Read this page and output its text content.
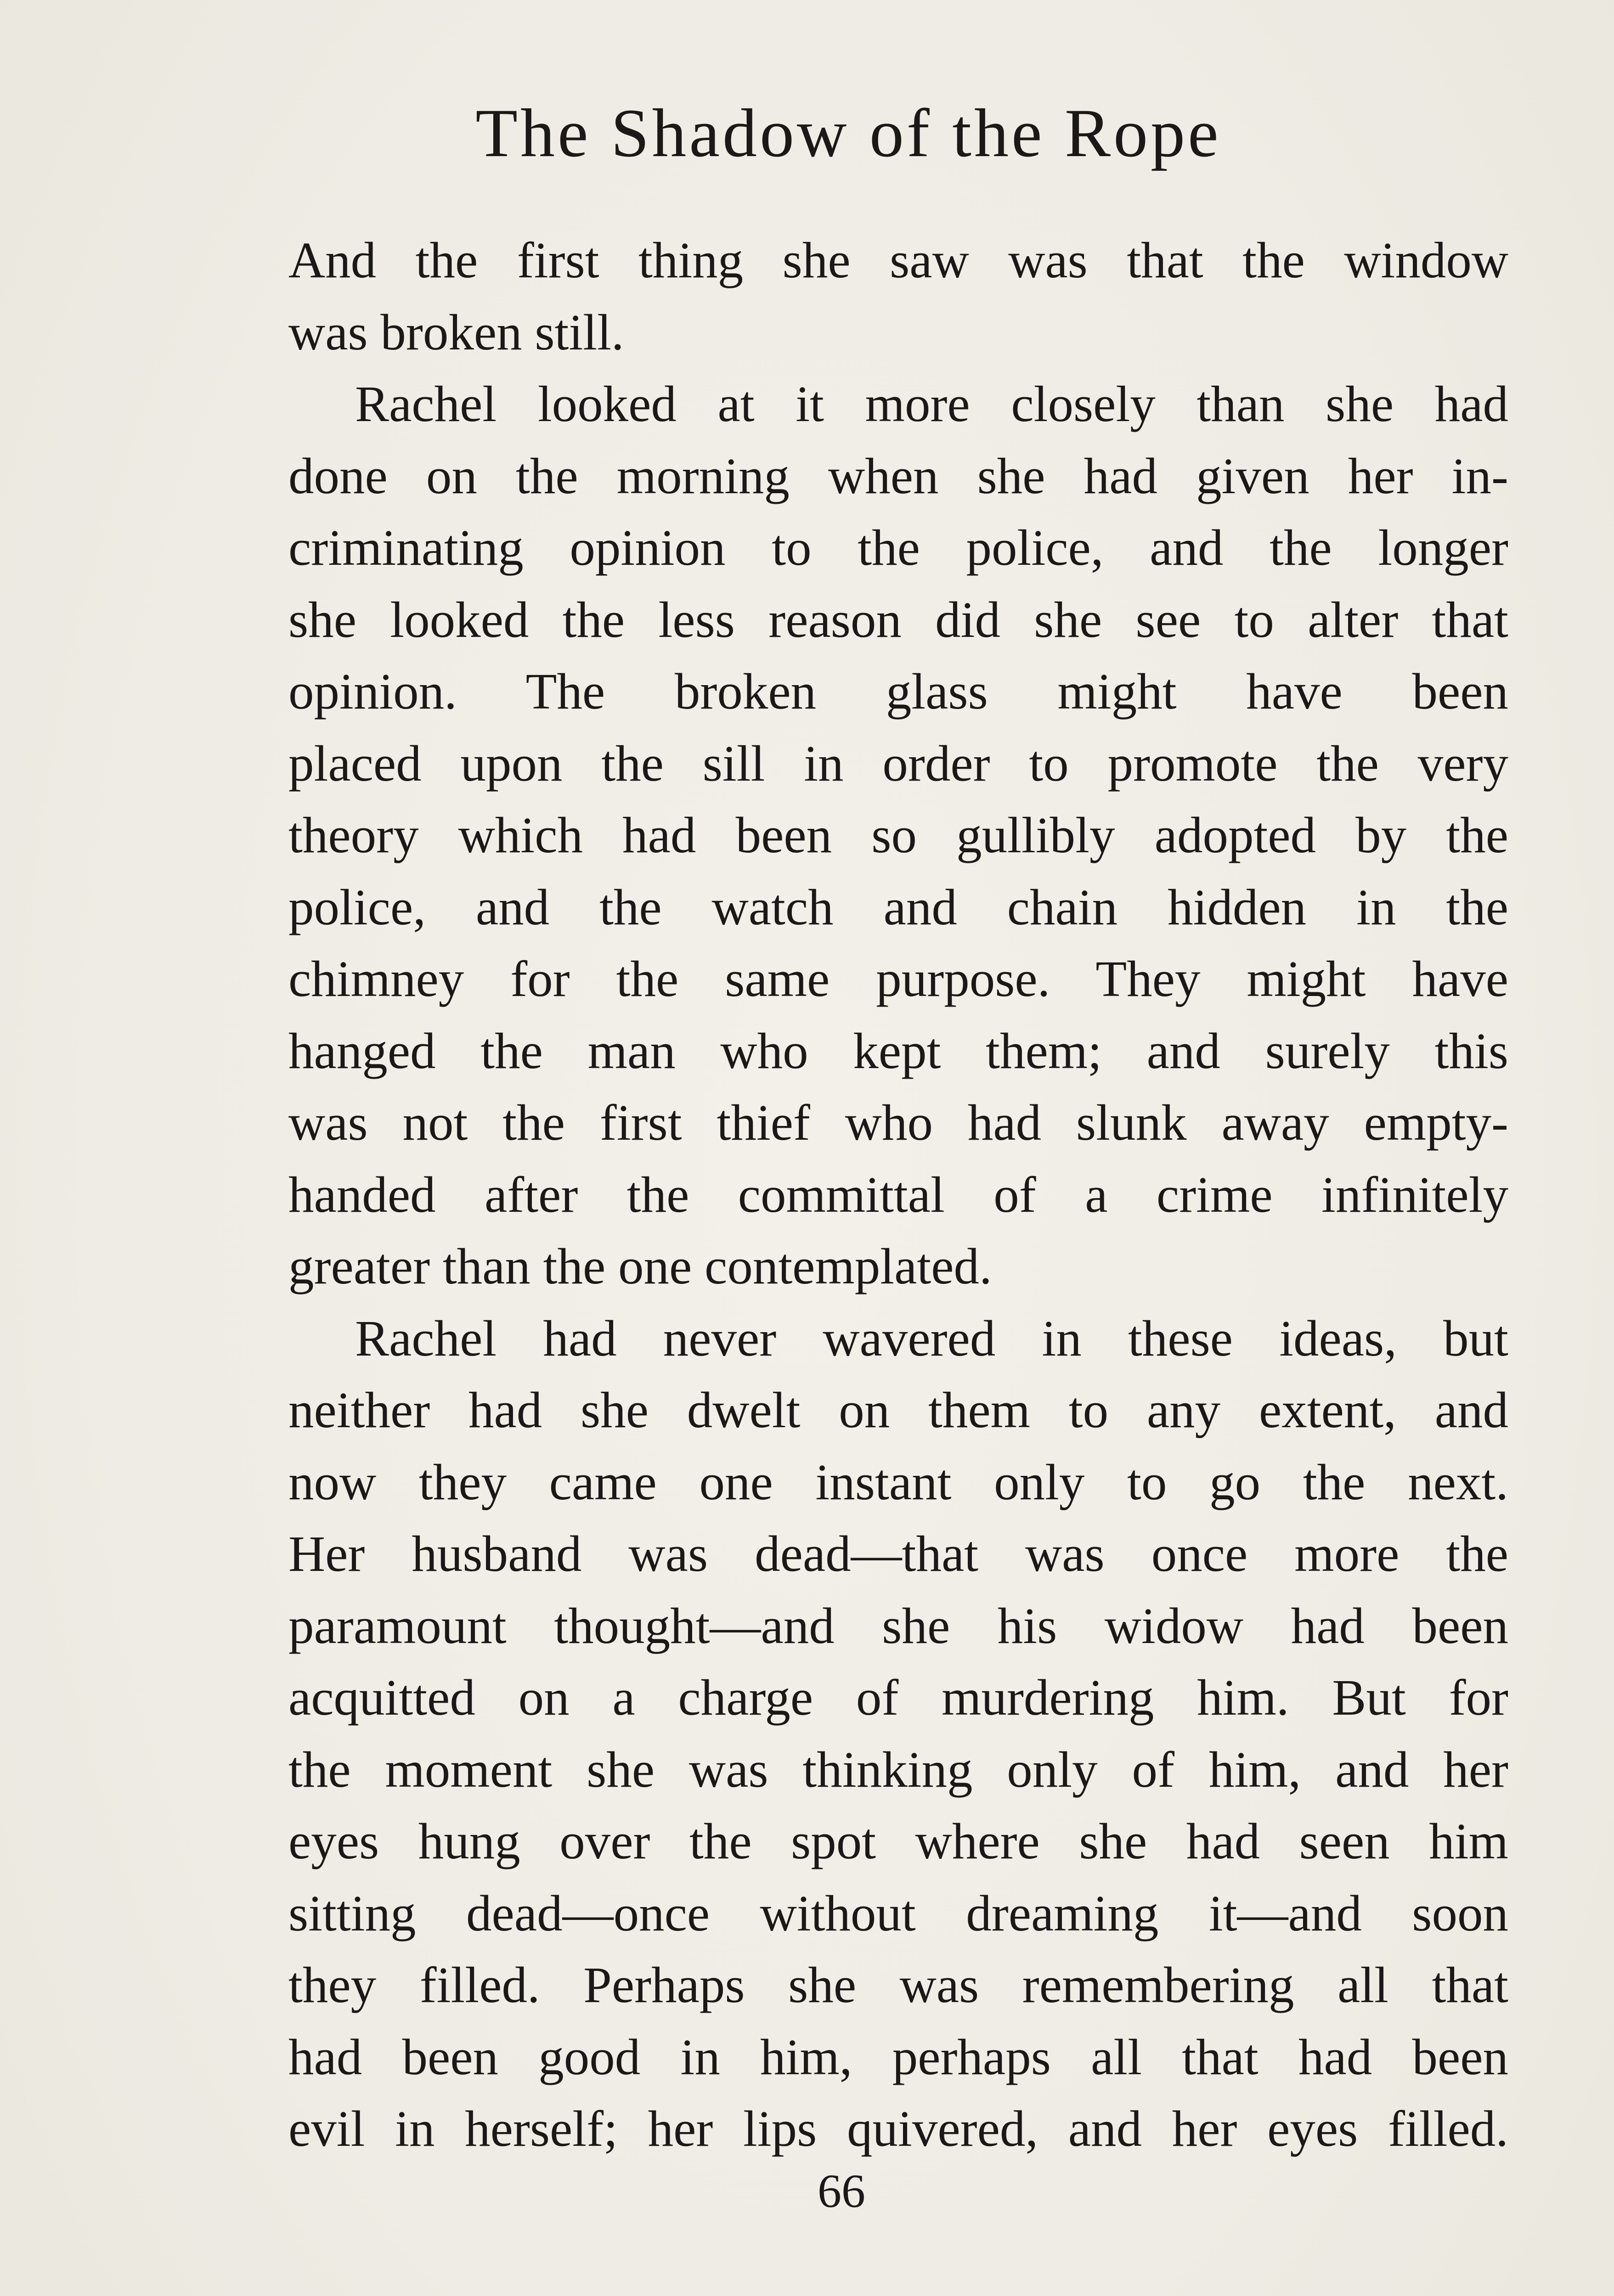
The Shadow of the Rope
And the first thing she saw was that the window
was broken still.
Rachel looked at it more closely than she had
done on the morning when she had given her in-
criminating opinion to the police, and the longer
she looked the less reason did she see to alter that
opinion. The broken glass might have been
placed upon the sill in order to promote the very
theory which had been so gullibly adopted by the
police, and the watch and chain hidden in the
chimney for the same purpose. They might have
hanged the man who kept them; and surely this
was not the first thief who had slunk away empty-
handed after the committal of a crime infinitely
greater than the one contemplated.
Rachel had never wavered in these ideas, but
neither had she dwelt on them to any extent, and
now they came one instant only to go the next.
Her husband was dead—that was once more the
paramount thought—and she his widow had been
acquitted on a charge of murdering him. But for
the moment she was thinking only of him, and her
eyes hung over the spot where she had seen him
sitting dead—once without dreaming it—and soon
they filled. Perhaps she was remembering all that
had been good in him, perhaps all that had been
evil in herself; her lips quivered, and her eyes filled.
66
